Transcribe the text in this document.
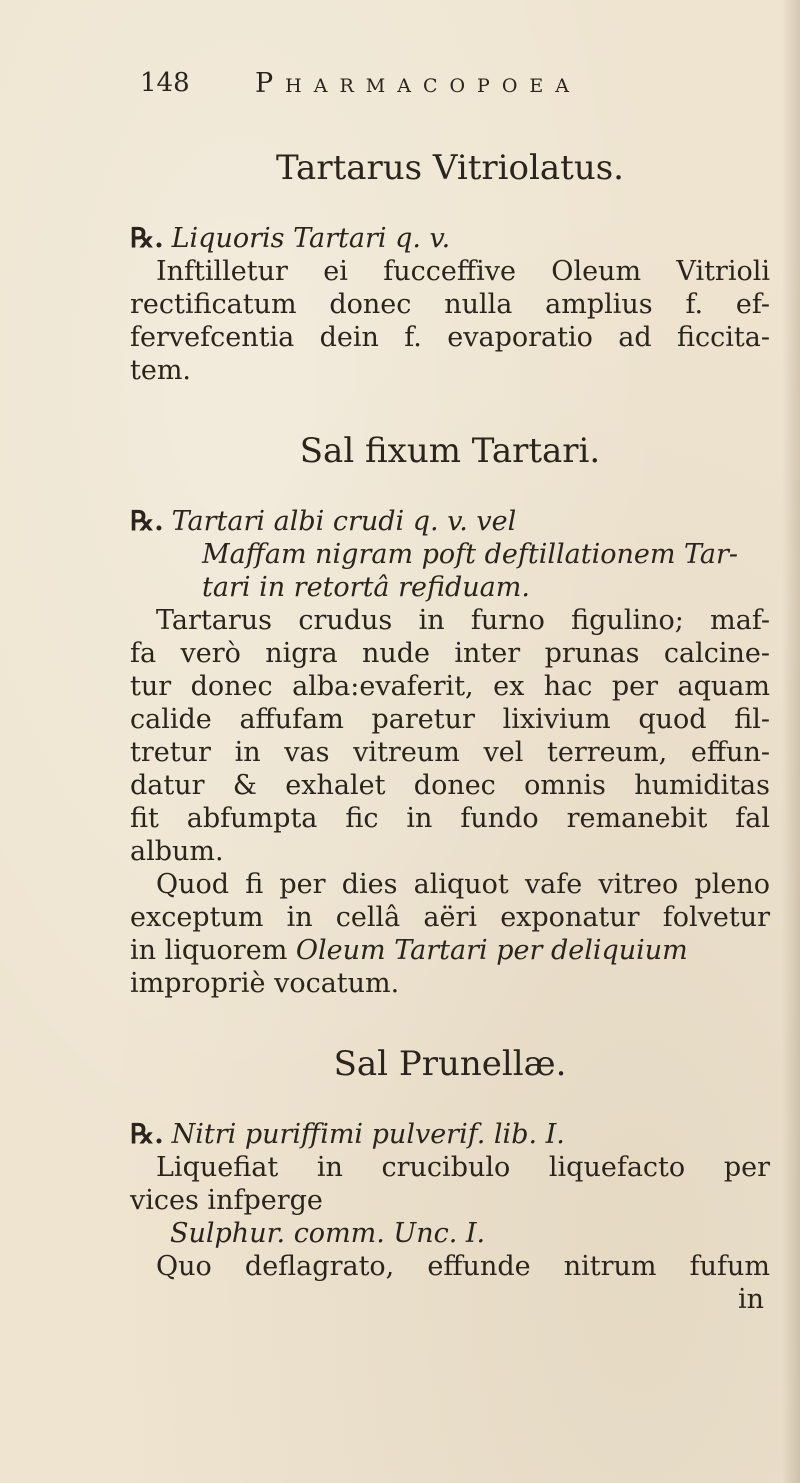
148 Pharmacopoea
Tartarus Vitriolatus.

℞. Liquoris Tartari q. v.

Inftilletur ei fucceffive Oleum Vitrioli

rectificatum donec nulla amplius f. ef-

fervefcentia dein f. evaporatio ad ficcita-

tem.

Sal fixum Tartari.

℞. Tartari albi crudi q. v. vel

Maffam nigram poft deftillationem Tar-

tari in retortâ refiduam.

Tartarus crudus in furno figulino; maf-

fa verò nigra nude inter prunas calcine-

tur donec alba:evaferit, ex hac per aquam

calide affufam paretur lixivium quod fil-

tretur in vas vitreum vel terreum, effun-

datur & exhalet donec omnis humiditas

fit abfumpta fic in fundo remanebit fal

album.

Quod fi per dies aliquot vafe vitreo pleno

exceptum in cellâ aëri exponatur folvetur

in liquorem Oleum Tartari per deliquium

impropriè vocatum.

Sal Prunellæ.

℞. Nitri puriffimi pulverif. lib. I.

Liquefiat in crucibulo liquefacto per

vices infperge

Sulphur. comm. Unc. I.

Quo deflagrato, effunde nitrum fufum

in
